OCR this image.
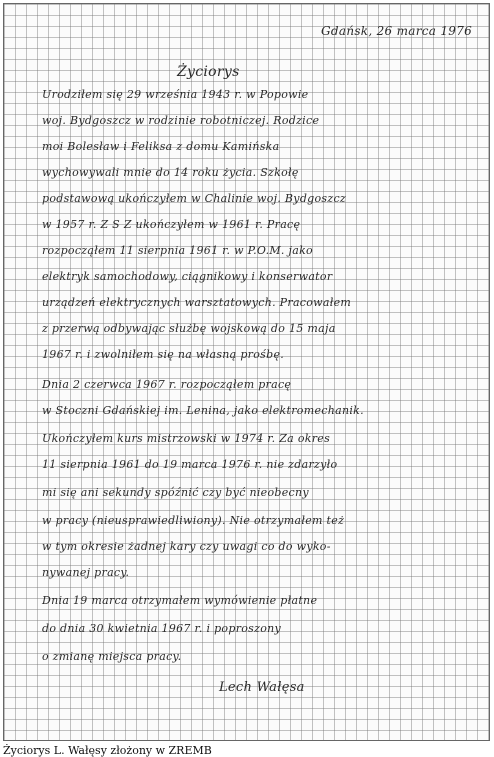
Gdańsk, 26 marca 1976
Życiorys
Urodziłem się 29 września 1943 r. w Popowie
woj. Bydgoszcz w rodzinie robotniczej. Rodzice
moi Bolesław i Feliksa z domu Kamińska
wychowywali mnie do 14 roku życia. Szkołę
podstawową ukończyłem w Chalinie woj. Bydgoszcz
w 1957 r. Z S Z ukończyłem w 1961 r. Pracę
rozpocząłem 11 sierpnia 1961 r. w P.O.M. jako
elektryk samochodowy, ciągnikowy i konserwator
urządzeń elektrycznych warsztatowych. Pracowałem
z przerwą odbywając służbę wojskową do 15 maja
1967 r. i zwolniłem się na własną prośbę.
Dnia 2 czerwca 1967 r. rozpocząłem pracę
w Stoczni Gdańskiej im. Lenina, jako elektromechanik.
Ukończyłem kurs mistrzowski w 1974 r. Za okres
11 sierpnia 1961 do 19 marca 1976 r. nie zdarzyło
mi się ani sekundy spóźnić czy być nieobecny
w pracy (nieusprawiedliwiony). Nie otrzymałem też
w tym okresie żadnej kary czy uwagi co do wyko-
nywanej pracy.
Dnia 19 marca otrzymałem wymówienie płatne
do dnia 30 kwietnia 1967 r. i poproszony
o zmianę miejsca pracy.
Lech Wałęsa
Życiorys L. Wałęsy złożony w ZREMB
